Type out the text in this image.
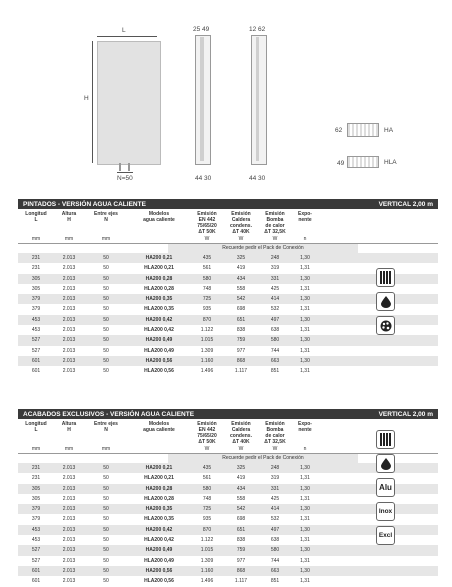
L
H
N=50
25 49
44 30
12 62
44 30
62	HA
49	HLA
PINTADOS - VERSIÓN AGUA CALIENTE	VERTICAL 2,00 m
Longitud
L
Altura
H
Entre ejes
N
Modelos
agua caliente
Emisión
EN 442
75/65/20
ΔT 50K
Emisión
Caldera
condens.
ΔT 40K
Emisión
Bomba
de calor
ΔT 32,5K
Expo-
nente
mm	mm	mm	W	W	W	n
Recuerde pedir el Pack de Conexión
231	2.013	50	HA200 0,21	435	325	248	1,30
231	2.013	50	HLA200 0,21	561	419	319	1,31
305	2.013	50	HA200 0,28	580	434	331	1,30
305	2.013	50	HLA200 0,28	748	558	425	1,31
379	2.013	50	HA200 0,35	725	542	414	1,30
379	2.013	50	HLA200 0,35	935	698	532	1,31
453	2.013	50	HA200 0,42	870	651	497	1,30
453	2.013	50	HLA200 0,42	1.122	838	638	1,31
527	2.013	50	HA200 0,49	1.015	759	580	1,30
527	2.013	50	HLA200 0,49	1.309	977	744	1,31
601	2.013	50	HA200 0,56	1.160	868	663	1,30
601	2.013	50	HLA200 0,56	1.496	1.117	851	1,31
ACABADOS EXCLUSIVOS - VERSIÓN AGUA CALIENTE	VERTICAL 2,00 m
Longitud
L
Altura
H
Entre ejes
N
Modelos
agua caliente
Emisión
EN 442
75/65/20
ΔT 50K
Emisión
Caldera
condens.
ΔT 40K
Emisión
Bomba
de calor
ΔT 32,5K
Expo-
nente
mm	mm	mm	W	W	W	n
Recuerde pedir el Pack de Conexión
231	2.013	50	HA200 0,21	435	325	248	1,30
231	2.013	50	HLA200 0,21	561	419	319	1,31
305	2.013	50	HA200 0,28	580	434	331	1,30
305	2.013	50	HLA200 0,28	748	558	425	1,31
379	2.013	50	HA200 0,35	725	542	414	1,30
379	2.013	50	HLA200 0,35	935	698	532	1,31
453	2.013	50	HA200 0,42	870	651	497	1,30
453	2.013	50	HLA200 0,42	1.122	838	638	1,31
527	2.013	50	HA200 0,49	1.015	759	580	1,30
527	2.013	50	HLA200 0,49	1.309	977	744	1,31
601	2.013	50	HA200 0,56	1.160	868	663	1,30
601	2.013	50	HLA200 0,56	1.496	1.117	851	1,31
Alu
Inox
Excl
